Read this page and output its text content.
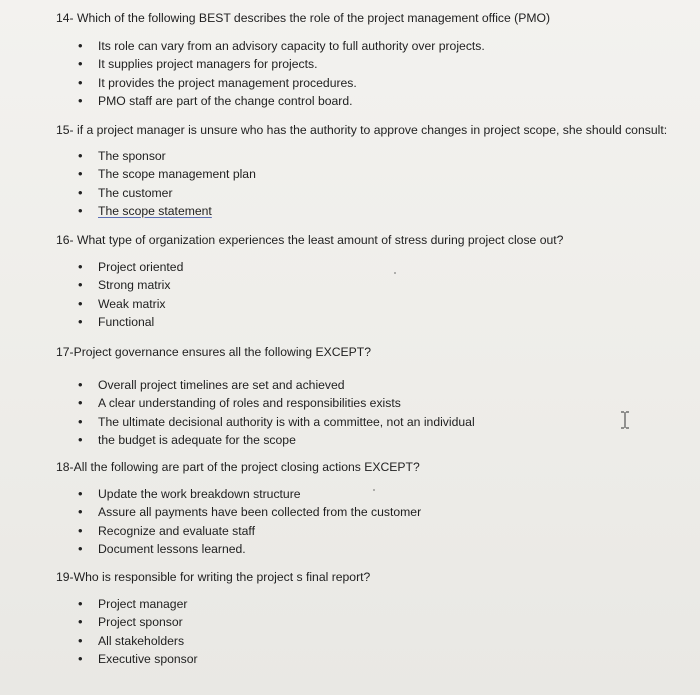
14- Which of the following BEST describes the role of the project management office (PMO)
• Its role can vary from an advisory capacity to full authority over projects.
• It supplies project managers for projects.
• It provides the project management procedures.
• PMO staff are part of the change control board.
15- if a project manager is unsure who has the authority to approve changes in project scope, she should consult:
• The sponsor
• The scope management plan
• The customer
• The scope statement
16- What type of organization experiences the least amount of stress during project close out?
• Project oriented
• Strong matrix
• Weak matrix
• Functional
17-Project governance ensures all the following EXCEPT?
• Overall project timelines are set and achieved
• A clear understanding of roles and responsibilities exists
• The ultimate decisional authority is with a committee, not an individual
• the budget is adequate for the scope
18-All the following are part of the project closing actions EXCEPT?
• Update the work breakdown structure
• Assure all payments have been collected from the customer
• Recognize and evaluate staff
• Document lessons learned.
19-Who is responsible for writing the project s final report?
• Project manager
• Project sponsor
• All stakeholders
• Executive sponsor
